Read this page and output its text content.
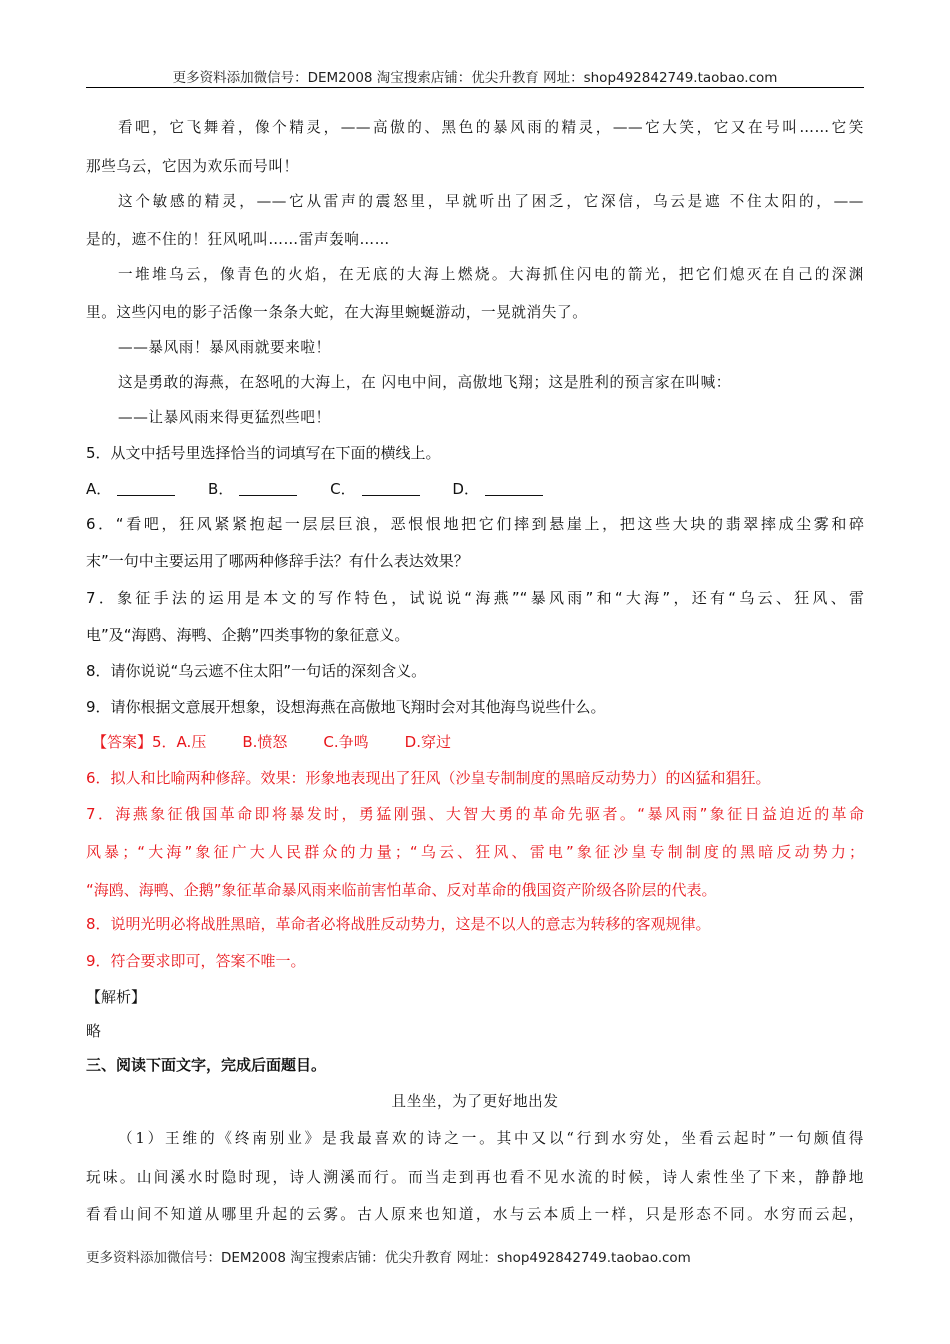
更多资料添加微信号：DEM2008 淘宝搜索店铺：优尖升教育 网址：shop492842749.taobao.com
看吧，它飞舞着，像个精灵，——高傲的、黑色的暴风雨的精灵，——它大笑，它又在号叫……它笑
那些乌云，它因为欢乐而号叫！
这个敏感的精灵，——它从雷声的震怒里，早就听出了困乏，它深信，乌云是遮 不住太阳的，——
是的，遮不住的！狂风吼叫……雷声轰响……
一堆堆乌云，像青色的火焰，在无底的大海上燃烧。大海抓住闪电的箭光，把它们熄灭在自己的深渊
里。这些闪电的影子活像一条条大蛇，在大海里蜿蜒游动，一晃就消失了。
——暴风雨！暴风雨就要来啦！
这是勇敢的海燕，在怒吼的大海上，在 闪电中间，高傲地飞翔；这是胜利的预言家在叫喊：
——让暴风雨来得更猛烈些吧！
5．从文中括号里选择恰当的词填写在下面的横线上。
A．	B．	C．	D．
6．“看吧，狂风紧紧抱起一层层巨浪，恶恨恨地把它们摔到悬崖上，把这些大块的翡翠摔成尘雾和碎
末”一句中主要运用了哪两种修辞手法？有什么表达效果？
7．象征手法的运用是本文的写作特色，试说说“海燕”“暴风雨”和“大海”，还有“乌云、狂风、雷
电”及“海鸥、海鸭、企鹅”四类事物的象征意义。
8．请你说说“乌云遮不住太阳”一句话的深刻含义。
9．请你根据文意展开想象，设想海燕在高傲地飞翔时会对其他海鸟说些什么。
【答案】5．A.压 B.愤怒 C.争鸣 D.穿过
6．拟人和比喻两种修辞。效果：形象地表现出了狂风（沙皇专制制度的黑暗反动势力）的凶猛和猖狂。
7．海燕象征俄国革命即将暴发时，勇猛刚强、大智大勇的革命先驱者。“暴风雨”象征日益迫近的革命
风暴；“大海”象征广大人民群众的力量；“乌云、狂风、雷电”象征沙皇专制制度的黑暗反动势力；
“海鸥、海鸭、企鹅”象征革命暴风雨来临前害怕革命、反对革命的俄国资产阶级各阶层的代表。
8．说明光明必将战胜黑暗，革命者必将战胜反动势力，这是不以人的意志为转移的客观规律。
9．符合要求即可，答案不唯一。
【解析】
略
三、阅读下面文字，完成后面题目。
且坐坐，为了更好地出发
（1）王维的《终南别业》是我最喜欢的诗之一。其中又以“行到水穷处，坐看云起时”一句颇值得
玩味。山间溪水时隐时现，诗人溯溪而行。而当走到再也看不见水流的时候，诗人索性坐了下来，静静地
看看山间不知道从哪里升起的云雾。古人原来也知道，水与云本质上一样，只是形态不同。水穷而云起，
更多资料添加微信号：DEM2008 淘宝搜索店铺：优尖升教育 网址：shop492842749.taobao.com
